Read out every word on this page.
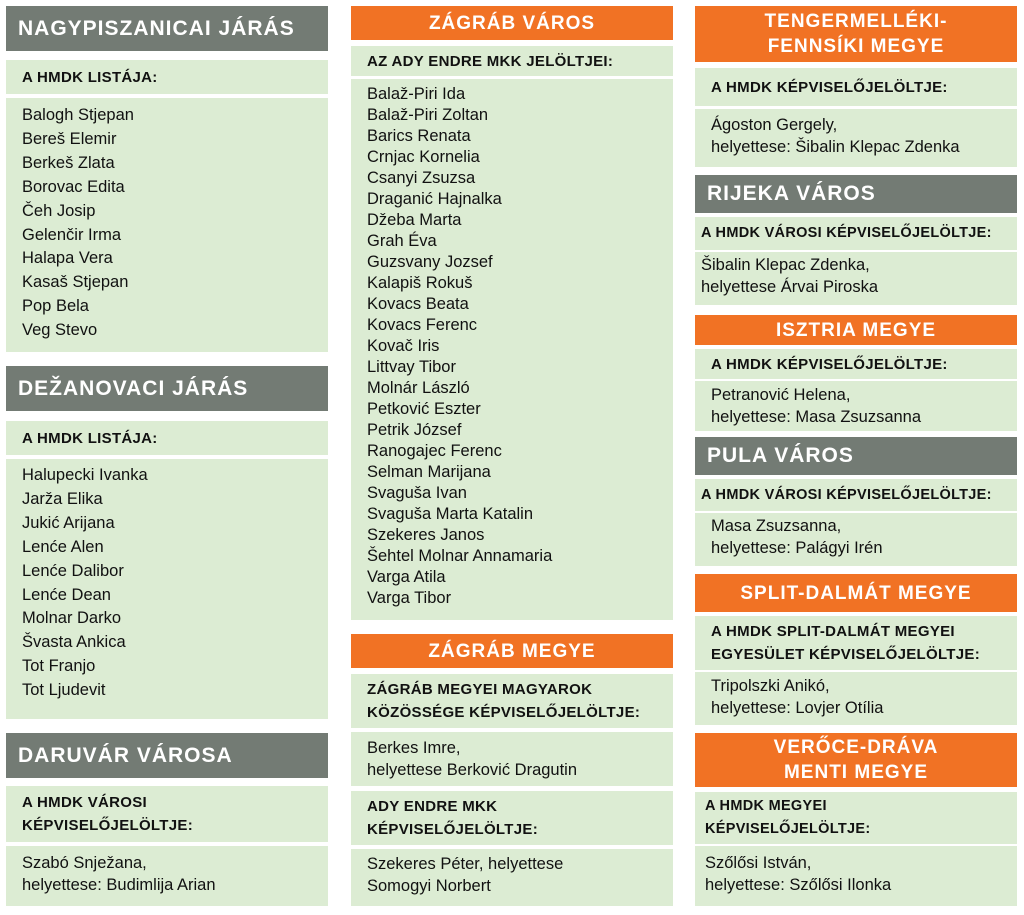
NAGYPISZANICAI JÁRÁS
A HMDK LISTÁJA:
Balogh Stjepan
Bereš Elemir
Berkeš Zlata
Borovac Edita
Čeh Josip
Gelenčir Irma
Halapa Vera
Kasaš Stjepan
Pop Bela
Veg Stevo
DEŽANOVACI JÁRÁS
A HMDK LISTÁJA:
Halupecki Ivanka
Jarža Elika
Jukić Arijana
Lenće Alen
Lenće Dalibor
Lenće Dean
Molnar Darko
Švasta Ankica
Tot Franjo
Tot Ljudevit
DARUVÁR VÁROSA
A HMDK VÁROSI
KÉPVISELŐJELÖLTJE:
Szabó Snježana,
helyettese: Budimlija Arian
ZÁGRÁB VÁROS
AZ ADY ENDRE MKK JELÖLTJEI:
Balaž-Piri Ida
Balaž-Piri Zoltan
Barics Renata
Crnjac Kornelia
Csanyi Zsuzsa
Draganić Hajnalka
Džeba Marta
Grah Éva
Guzsvany Jozsef
Kalapiš Rokuš
Kovacs Beata
Kovacs Ferenc
Kovač Iris
Littvay Tibor
Molnár László
Petković Eszter
Petrik József
Ranogajec Ferenc
Selman Marijana
Svaguša Ivan
Svaguša Marta Katalin
Szekeres Janos
Šehtel Molnar Annamaria
Varga Atila
Varga Tibor
ZÁGRÁB MEGYE
ZÁGRÁB MEGYEI MAGYAROK
KÖZÖSSÉGE KÉPVISELŐJELÖLTJE:
Berkes Imre,
helyettese Berković Dragutin
ADY ENDRE MKK
KÉPVISELŐJELÖLTJE:
Szekeres Péter, helyettese
Somogyi Norbert
TENGERMELLÉKI-
FENNSÍKI MEGYE
A HMDK KÉPVISELŐJELÖLTJE:
Ágoston Gergely,
helyettese: Šibalin Klepac Zdenka
RIJEKA VÁROS
A HMDK VÁROSI KÉPVISELŐJELÖLTJE:
Šibalin Klepac Zdenka,
helyettese Árvai Piroska
ISZTRIA MEGYE
A HMDK KÉPVISELŐJELÖLTJE:
Petranović Helena,
helyettese: Masa Zsuzsanna
PULA VÁROS
A HMDK VÁROSI KÉPVISELŐJELÖLTJE:
Masa Zsuzsanna,
helyettese: Palágyi Irén
SPLIT-DALMÁT MEGYE
A HMDK SPLIT-DALMÁT MEGYEI
EGYESÜLET KÉPVISELŐJELÖLTJE:
Tripolszki Anikó,
helyettese: Lovjer Otília
VERŐCE-DRÁVA
MENTI MEGYE
A HMDK MEGYEI
KÉPVISELŐJELÖLTJE:
Szőlősi István,
helyettese: Szőlősi Ilonka
